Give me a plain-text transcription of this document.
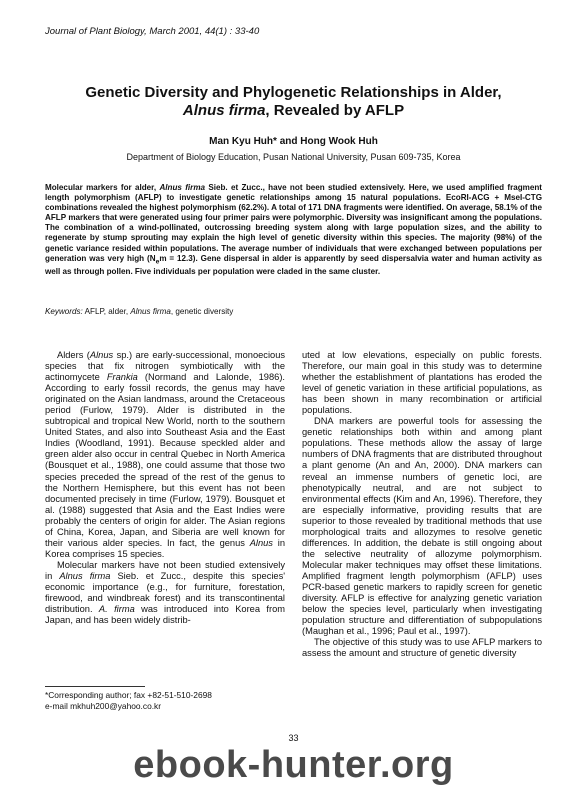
Journal of Plant Biology, March 2001, 44(1) : 33-40
Genetic Diversity and Phylogenetic Relationships in Alder,
Alnus firma, Revealed by AFLP
Man Kyu Huh* and Hong Wook Huh
Department of Biology Education, Pusan National University, Pusan 609-735, Korea
Molecular markers for alder, Alnus firma Sieb. et Zucc., have not been studied extensively. Here, we used amplified fragment length polymorphism (AFLP) to investigate genetic relationships among 15 natural populations. EcoRI-ACG + MseI-CTG combinations revealed the highest polymorphism (62.2%). A total of 171 DNA fragments were identified. On average, 58.1% of the AFLP markers that were generated using four primer pairs were polymorphic. Diversity was insignificant among the populations. The combination of a wind-pollinated, outcrossing breeding system along with large population sizes, and the ability to regenerate by stump sprouting may explain the high level of genetic diversity within this species. The majority (98%) of the genetic variance resided within populations. The average number of individuals that were exchanged between populations per generation was very high $(N_em = 12.3)$. Gene dispersal in alder is apparently by seed dispersalvia water and human activity as well as through pollen. Five individuals per population were claded in the same cluster.
Keywords: AFLP, alder, Alnus firma, genetic diversity

Alders (Alnus sp.) are early-successional, monoecious species that fix nitrogen symbiotically with the actinomycete Frankia (Normand and Lalonde, 1986). According to early fossil records, the genus may have originated on the Asian landmass, around the Cretaceous period (Furlow, 1979). Alder is distributed in the subtropical and tropical New World, north to the southern United States, and also into Southeast Asia and the East Indies (Woodland, 1991). Because speckled alder and green alder also occur in central Quebec in North America (Bousquet et al., 1988), one could assume that those two species preceded the spread of the rest of the genus to the Northern Hemisphere, but this event has not been documented precisely in time (Furlow, 1979). Bousquet et al. (1988) suggested that Asia and the East Indies were probably the centers of origin for alder. The Asian regions of China, Korea, Japan, and Siberia are well known for their various alder species. In fact, the genus Alnus in Korea comprises 15 species.

Molecular markers have not been studied extensively in Alnus firma Sieb. et Zucc., despite this species' economic importance (e.g., for furniture, forestation, firewood, and windbreak forest) and its transcontinental distribution. A. firma was introduced into Korea from Japan, and has been widely distrib-

uted at low elevations, especially on public forests. Therefore, our main goal in this study was to determine whether the establishment of plantations has eroded the level of genetic variation in these artificial populations, as has been shown in many recombination or artificial populations.

DNA markers are powerful tools for assessing the genetic relationships both within and among plant populations. These methods allow the assay of large numbers of DNA fragments that are distributed throughout a plant genome (An and An, 2000). DNA markers can reveal an immense numbers of genetic loci, are phenotypically neutral, and are not subject to environmental effects (Kim and An, 1996). Therefore, they are especially informative, providing results that are superior to those revealed by traditional methods that use morphological traits and allozymes to resolve genetic differences. In addition, the debate is still ongoing about the selective neutrality of allozyme polymorphism. Molecular maker techniques may offset these limitations. Amplified fragment length polymorphism (AFLP) uses PCR-based genetic markers to rapidly screen for genetic diversity. AFLP is effective for analyzing genetic variation below the species level, particularly when investigating population structure and differentiation of subpopulations (Maughan et al., 1996; Paul et al., 1997).

The objective of this study was to use AFLP markers to assess the amount and structure of genetic diversity

*Corresponding author; fax +82-51-510-2698
e-mail mkhuh200@yahoo.co.kr
33
ebook-hunter.org
